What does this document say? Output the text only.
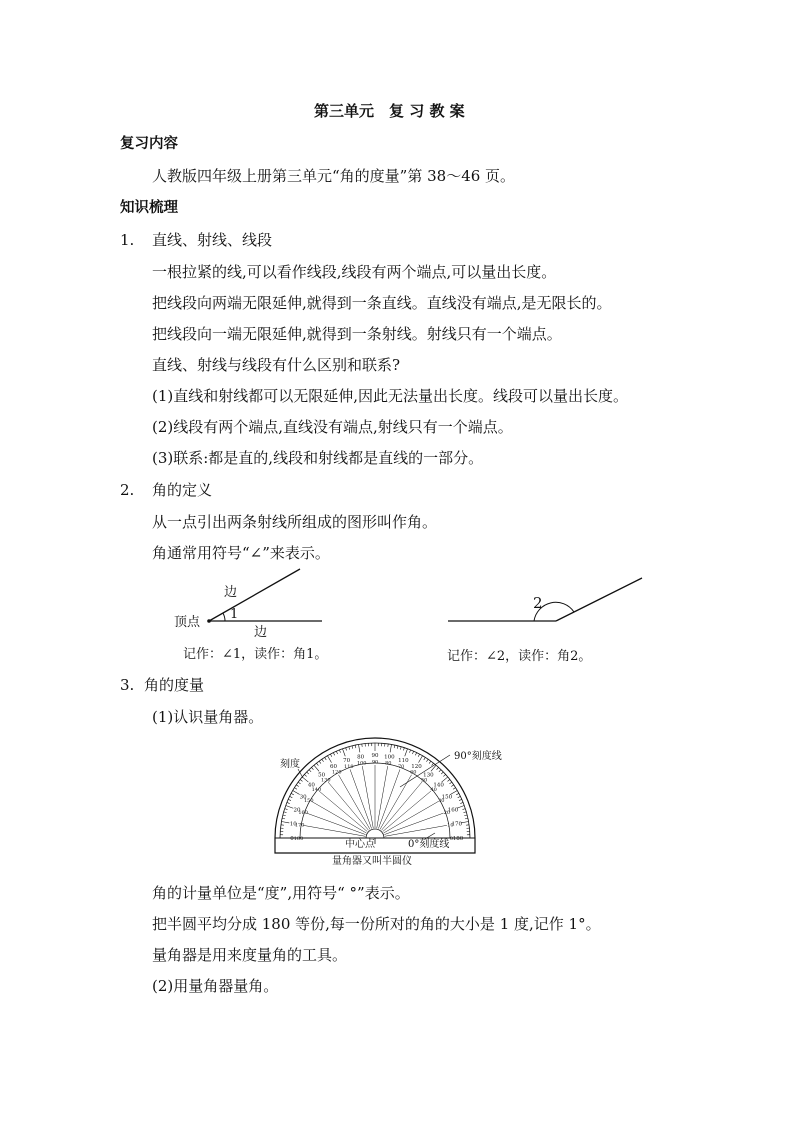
第三单元　复 习 教 案
复习内容
人教版四年级上册第三单元“角的度量”第 38～46 页。
知识梳理
1. 直线、射线、线段
一根拉紧的线,可以看作线段,线段有两个端点,可以量出长度。
把线段向两端无限延伸,就得到一条直线。直线没有端点,是无限长的。
把线段向一端无限延伸,就得到一条射线。射线只有一个端点。
直线、射线与线段有什么区别和联系?
(1)直线和射线都可以无限延伸,因此无法量出长度。线段可以量出长度。
(2)线段有两个端点,直线没有端点,射线只有一个端点。
(3)联系:都是直的,线段和射线都是直线的一部分。
2. 角的定义
从一点引出两条射线所组成的图形叫作角。
角通常用符号“∠”来表示。
边
边
顶点
1
记作：∠1，读作：角1。
2
记作：∠2，读作：角2。
3. 角的度量
(1)认识量角器。
0 180
10
170
20
160
30
150
40
140
50
130
60
120
70
110
80
100
90
90
100
80 110
70 120
60 130
50
140
40
150
30
160
20
170
10
180
0
刻度
90°刻度线
中心点	0°刻度线
量角器又叫半圆仪
角的计量单位是“度”,用符号“ °”表示。
把半圆平均分成 180 等份,每一份所对的角的大小是 1 度,记作 1°。
量角器是用来度量角的工具。
(2)用量角器量角。
